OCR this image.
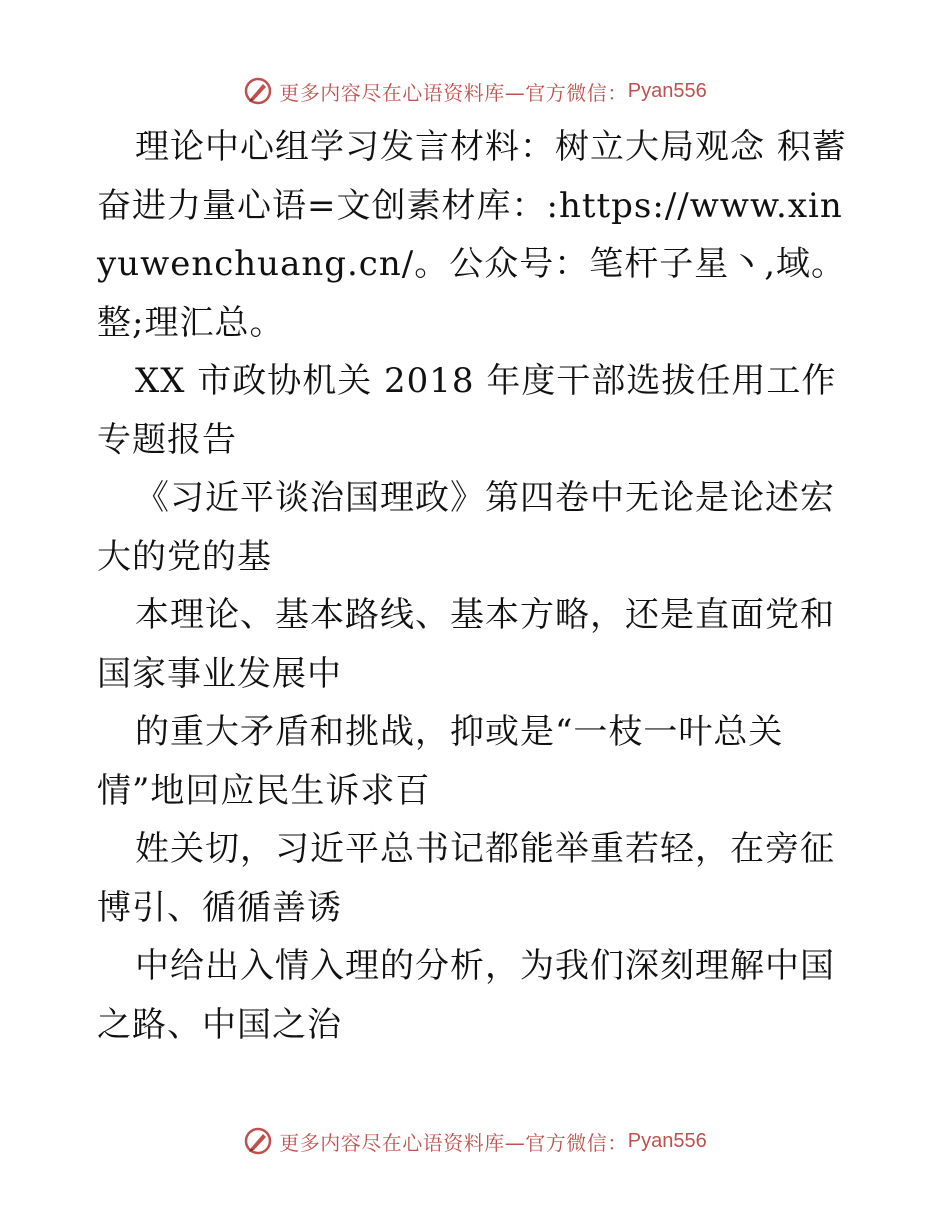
更多内容尽在心语资料库—官方微信： Pyan556

理论中心组学习发言材料：树立大局观念 积蓄奋进力量心语=文创素材库：:https://www.xinyuwenchuang.cn/。公众号：笔杆子星丶,域。整;理汇总。

XX 市政协机关 2018 年度干部选拔任用工作专题报告

《习近平谈治国理政》第四卷中无论是论述宏大的党的基

本理论、基本路线、基本方略，还是直面党和国家事业发展中

的重大矛盾和挑战，抑或是“一枝一叶总关情”地回应民生诉求百

姓关切，习近平总书记都能举重若轻，在旁征博引、循循善诱

中给出入情入理的分析，为我们深刻理解中国之路、中国之治

更多内容尽在心语资料库—官方微信： Pyan556
